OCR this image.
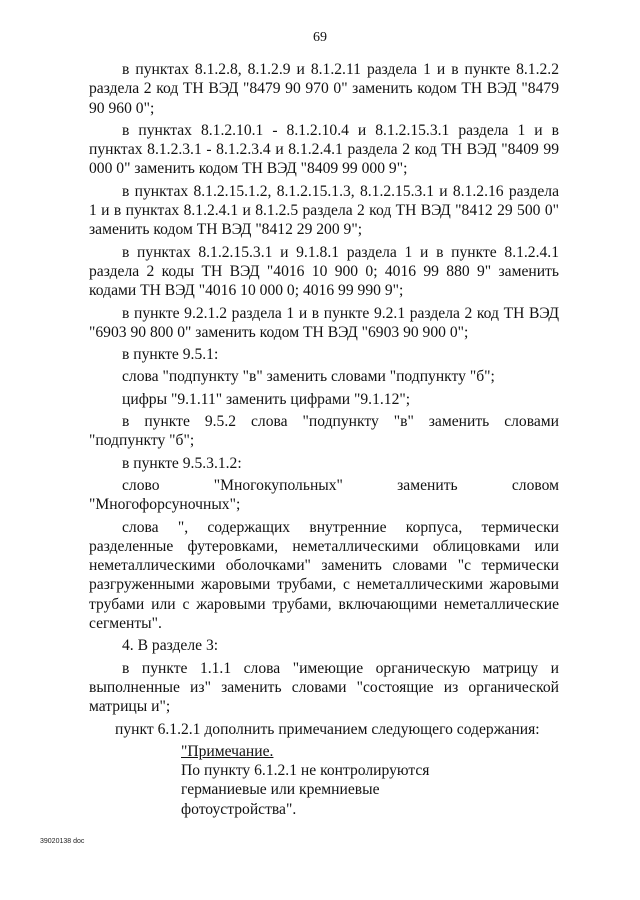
69

в пунктах 8.1.2.8, 8.1.2.9 и 8.1.2.11 раздела 1 и в пункте 8.1.2.2 раздела 2 код ТН ВЭД "8479 90 970 0" заменить кодом ТН ВЭД "8479 90 960 0";

в пунктах 8.1.2.10.1 - 8.1.2.10.4 и 8.1.2.15.3.1 раздела 1 и в пунктах 8.1.2.3.1 - 8.1.2.3.4 и 8.1.2.4.1 раздела 2 код ТН ВЭД "8409 99 000 0" заменить кодом ТН ВЭД "8409 99 000 9";

в пунктах 8.1.2.15.1.2, 8.1.2.15.1.3, 8.1.2.15.3.1 и 8.1.2.16 раздела 1 и в пунктах 8.1.2.4.1 и 8.1.2.5 раздела 2 код ТН ВЭД "8412 29 500 0" заменить кодом ТН ВЭД "8412 29 200 9";

в пунктах 8.1.2.15.3.1 и 9.1.8.1 раздела 1 и в пункте 8.1.2.4.1 раздела 2 коды ТН ВЭД "4016 10 900 0; 4016 99 880 9" заменить кодами ТН ВЭД "4016 10 000 0; 4016 99 990 9";

в пункте 9.2.1.2 раздела 1 и в пункте 9.2.1 раздела 2 код ТН ВЭД "6903 90 800 0" заменить кодом ТН ВЭД "6903 90 900 0";

в пункте 9.5.1:

слова "подпункту "в" заменить словами "подпункту "б";

цифры "9.1.11" заменить цифрами "9.1.12";

в пункте 9.5.2 слова "подпункту "в" заменить словами "подпункту "б";

в пункте 9.5.3.1.2:

слово "Многокупольных" заменить словом "Многофорсуночных";

слова ", содержащих внутренние корпуса, термически разделенные футеровками, неметаллическими облицовками или неметаллическими оболочками" заменить словами "с термически разгруженными жаровыми трубами, с неметаллическими жаровыми трубами или с жаровыми трубами, включающими неметаллические сегменты".

4. В разделе 3:

в пункте 1.1.1 слова "имеющие органическую матрицу и выполненные из" заменить словами "состоящие из органической матрицы и";

пункт 6.1.2.1 дополнить примечанием следующего содержания:

"Примечание.
По пункту 6.1.2.1 не контролируются
германиевые или кремниевые
фотоустройства".
39020138 doc
